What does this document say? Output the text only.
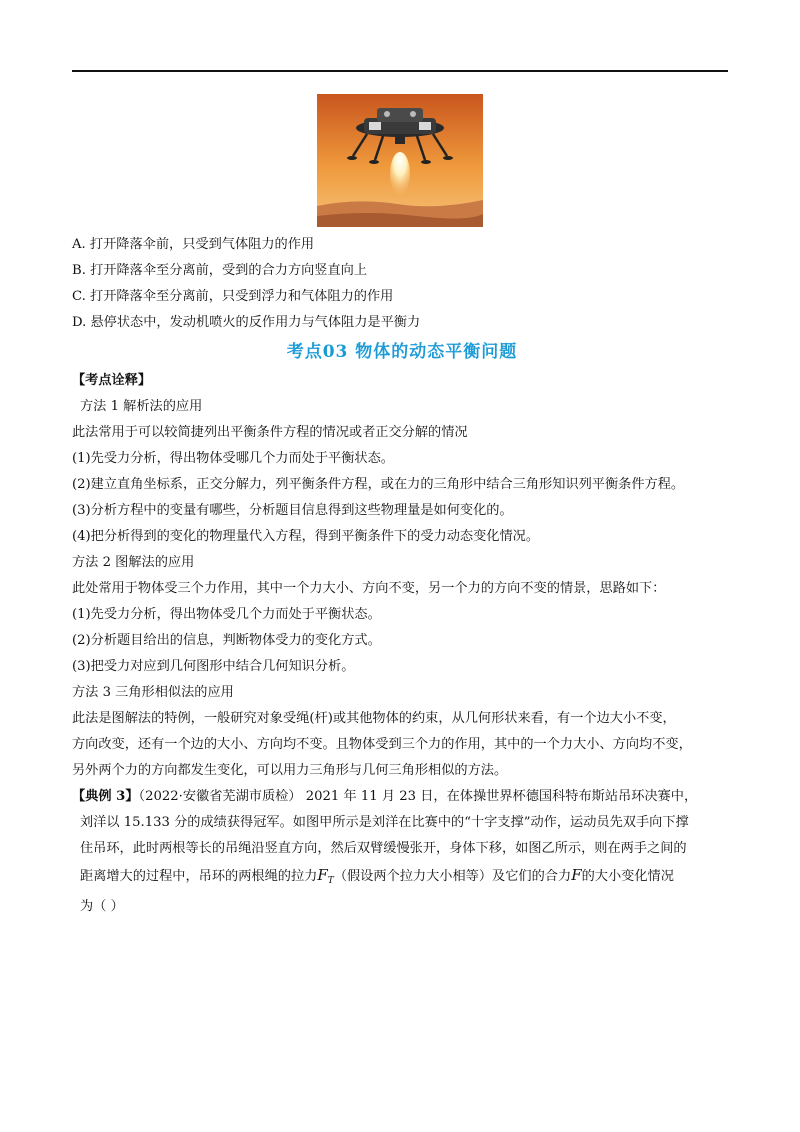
A. 打开降落伞前，只受到气体阻力的作用
B. 打开降落伞至分离前，受到的合力方向竖直向上
C. 打开降落伞至分离前，只受到浮力和气体阻力的作用
D. 悬停状态中，发动机喷火的反作用力与气体阻力是平衡力
考点03 物体的动态平衡问题
【考点诠释】
方法 1 解析法的应用
此法常用于可以较简捷列出平衡条件方程的情况或者正交分解的情况
(1)先受力分析，得出物体受哪几个力而处于平衡状态。
(2)建立直角坐标系，正交分解力，列平衡条件方程，或在力的三角形中结合三角形知识列平衡条件方程。
(3)分析方程中的变量有哪些，分析题目信息得到这些物理量是如何变化的。
(4)把分析得到的变化的物理量代入方程，得到平衡条件下的受力动态变化情况。
方法 2 图解法的应用
此处常用于物体受三个力作用，其中一个力大小、方向不变，另一个力的方向不变的情景，思路如下：
(1)先受力分析，得出物体受几个力而处于平衡状态。
(2)分析题目给出的信息，判断物体受力的变化方式。
(3)把受力对应到几何图形中结合几何知识分析。
方法 3 三角形相似法的应用
此法是图解法的特例，一般研究对象受绳(杆)或其他物体的约束，从几何形状来看，有一个边大小不变，
方向改变，还有一个边的大小、方向均不变。且物体受到三个力的作用，其中的一个力大小、方向均不变，
另外两个力的方向都发生变化，可以用力三角形与几何三角形相似的方法。
【典例 3】（2022·安徽省芜湖市质检） 2021 年 11 月 23 日，在体操世界杯德国科特布斯站吊环决赛中，
刘洋以 15.133 分的成绩获得冠军。如图甲所示是刘洋在比赛中的“十字支撑”动作，运动员先双手向下撑
住吊环，此时两根等长的吊绳沿竖直方向，然后双臂缓慢张开，身体下移，如图乙所示，则在两手之间的
距离增大的过程中，吊环的两根绳的拉力$F_T$（假设两个拉力大小相等）及它们的合力F的大小变化情况
为（ ）
